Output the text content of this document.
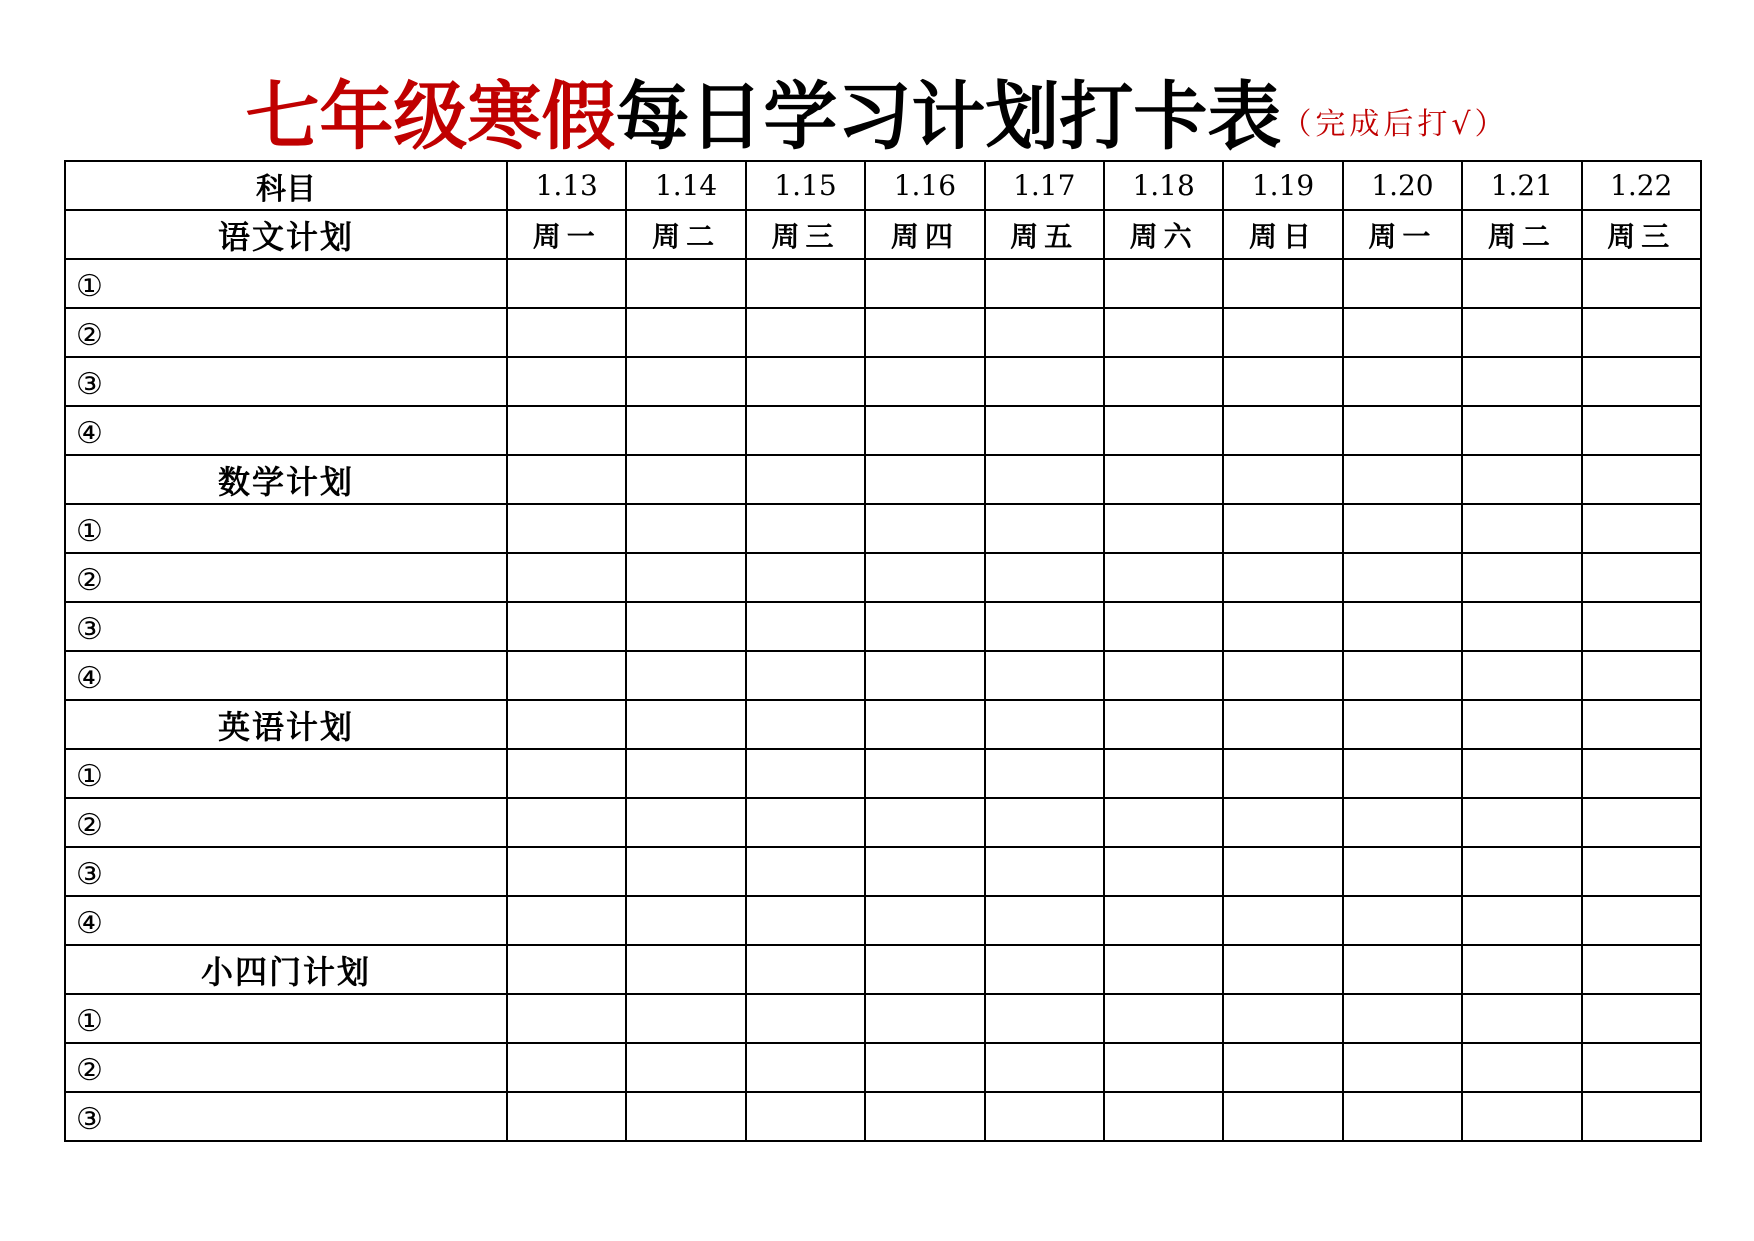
七年级寒假每日学习计划打卡表（完成后打√）
科目	1.13	1.14	1.15	1.16	1.17	1.18	1.19	1.20	1.21	1.22
语文计划	周一	周二	周三	周四	周五	周六	周日	周一	周二	周三
①										
②										
③										
④										
数学计划										
①										
②										
③										
④										
英语计划										
①										
②										
③										
④										
小四门计划										
①										
②										
③										
